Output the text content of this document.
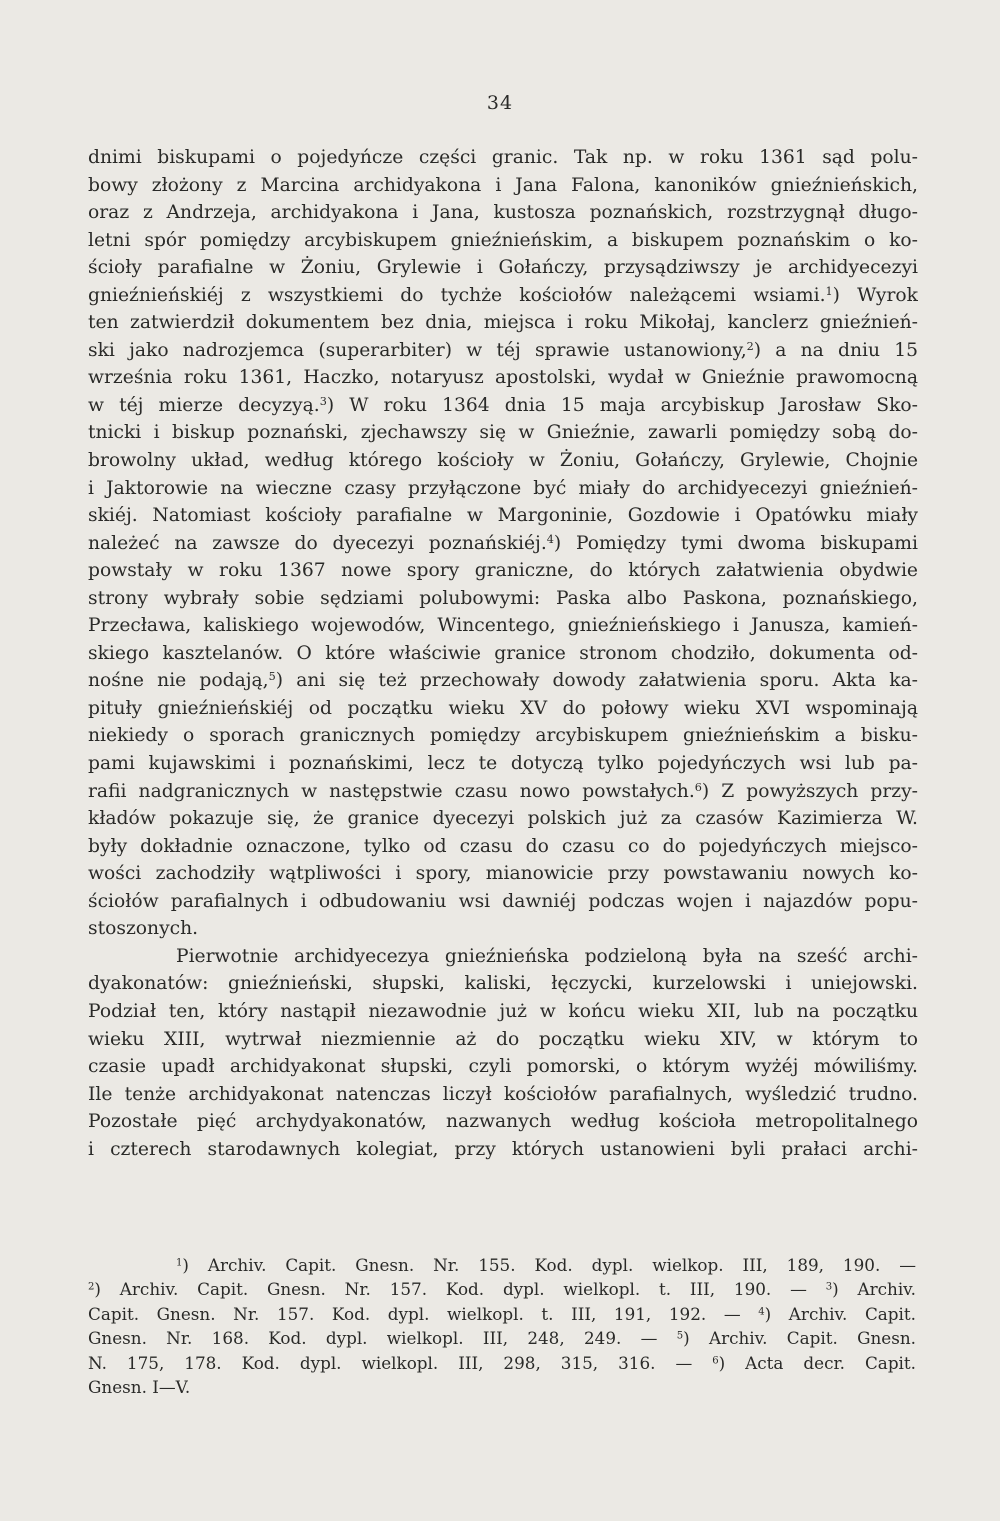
34
dnimi biskupami o pojedyńcze części granic. Tak np. w roku 1361 sąd polu-
bowy złożony z Marcina archidyakona i Jana Falona, kanoników gnieźnieńskich,
oraz z Andrzeja, archidyakona i Jana, kustosza poznańskich, rozstrzygnął długo-
letni spór pomiędzy arcybiskupem gnieźnieńskim, a biskupem poznańskim o ko-
ścioły parafialne w Żoniu, Grylewie i Gołańczy, przysądziwszy je archidyecezyi
gnieźnieńskiéj z wszystkiemi do tychże kościołów należącemi wsiami.$^1$) Wyrok
ten zatwierdził dokumentem bez dnia, miejsca i roku Mikołaj, kanclerz gnieźnień-
ski jako nadrozjemca (superarbiter) w téj sprawie ustanowiony,$^2$) a na dniu 15
września roku 1361, Haczko, notaryusz apostolski, wydał w Gnieźnie prawomocną
w téj mierze decyzyą.$^3$) W roku 1364 dnia 15 maja arcybiskup Jarosław Sko-
tnicki i biskup poznański, zjechawszy się w Gnieźnie, zawarli pomiędzy sobą do-
browolny układ, według którego kościoły w Żoniu, Gołańczy, Grylewie, Chojnie
i Jaktorowie na wieczne czasy przyłączone być miały do archidyecezyi gnieźnień-
skiéj. Natomiast kościoły parafialne w Margoninie, Gozdowie i Opatówku miały
należeć na zawsze do dyecezyi poznańskiéj.$^4$) Pomiędzy tymi dwoma biskupami
powstały w roku 1367 nowe spory graniczne, do których załatwienia obydwie
strony wybrały sobie sędziami polubowymi: Paska albo Paskona, poznańskiego,
Przecława, kaliskiego wojewodów, Wincentego, gnieźnieńskiego i Janusza, kamień-
skiego kasztelanów. O które właściwie granice stronom chodziło, dokumenta od-
nośne nie podają,$^5$) ani się też przechowały dowody załatwienia sporu. Akta ka-
pituły gnieźnieńskiéj od początku wieku XV do połowy wieku XVI wspominają
niekiedy o sporach granicznych pomiędzy arcybiskupem gnieźnieńskim a bisku-
pami kujawskimi i poznańskimi, lecz te dotyczą tylko pojedyńczych wsi lub pa-
rafii nadgranicznych w następstwie czasu nowo powstałych.$^6$) Z powyższych przy-
kładów pokazuje się, że granice dyecezyi polskich już za czasów Kazimierza W.
były dokładnie oznaczone, tylko od czasu do czasu co do pojedyńczych miejsco-
wości zachodziły wątpliwości i spory, mianowicie przy powstawaniu nowych ko-
ściołów parafialnych i odbudowaniu wsi dawniéj podczas wojen i najazdów popu-
stoszonych.
Pierwotnie archidyecezya gnieźnieńska podzieloną była na sześć archi-
dyakonatów: gnieźnieński, słupski, kaliski, łęczycki, kurzelowski i uniejowski.
Podział ten, który nastąpił niezawodnie już w końcu wieku XII, lub na początku
wieku XIII, wytrwał niezmiennie aż do początku wieku XIV, w którym to
czasie upadł archidyakonat słupski, czyli pomorski, o którym wyżéj mówiliśmy.
Ile tenże archidyakonat natenczas liczył kościołów parafialnych, wyśledzić trudno.
Pozostałe pięć archydyakonatów, nazwanych według kościoła metropolitalnego
i czterech starodawnych kolegiat, przy których ustanowieni byli prałaci archi-
$^1$) Archiv. Capit. Gnesn. Nr. 155. Kod. dypl. wielkop. III, 189, 190. —
$^2$) Archiv. Capit. Gnesn. Nr. 157. Kod. dypl. wielkopl. t. III, 190. — $^3$) Archiv.
Capit. Gnesn. Nr. 157. Kod. dypl. wielkopl. t. III, 191, 192. — $^4$) Archiv. Capit.
Gnesn. Nr. 168. Kod. dypl. wielkopl. III, 248, 249. — $^5$) Archiv. Capit. Gnesn.
N. 175, 178. Kod. dypl. wielkopl. III, 298, 315, 316. — $^6$) Acta decr. Capit.
Gnesn. I—V.
